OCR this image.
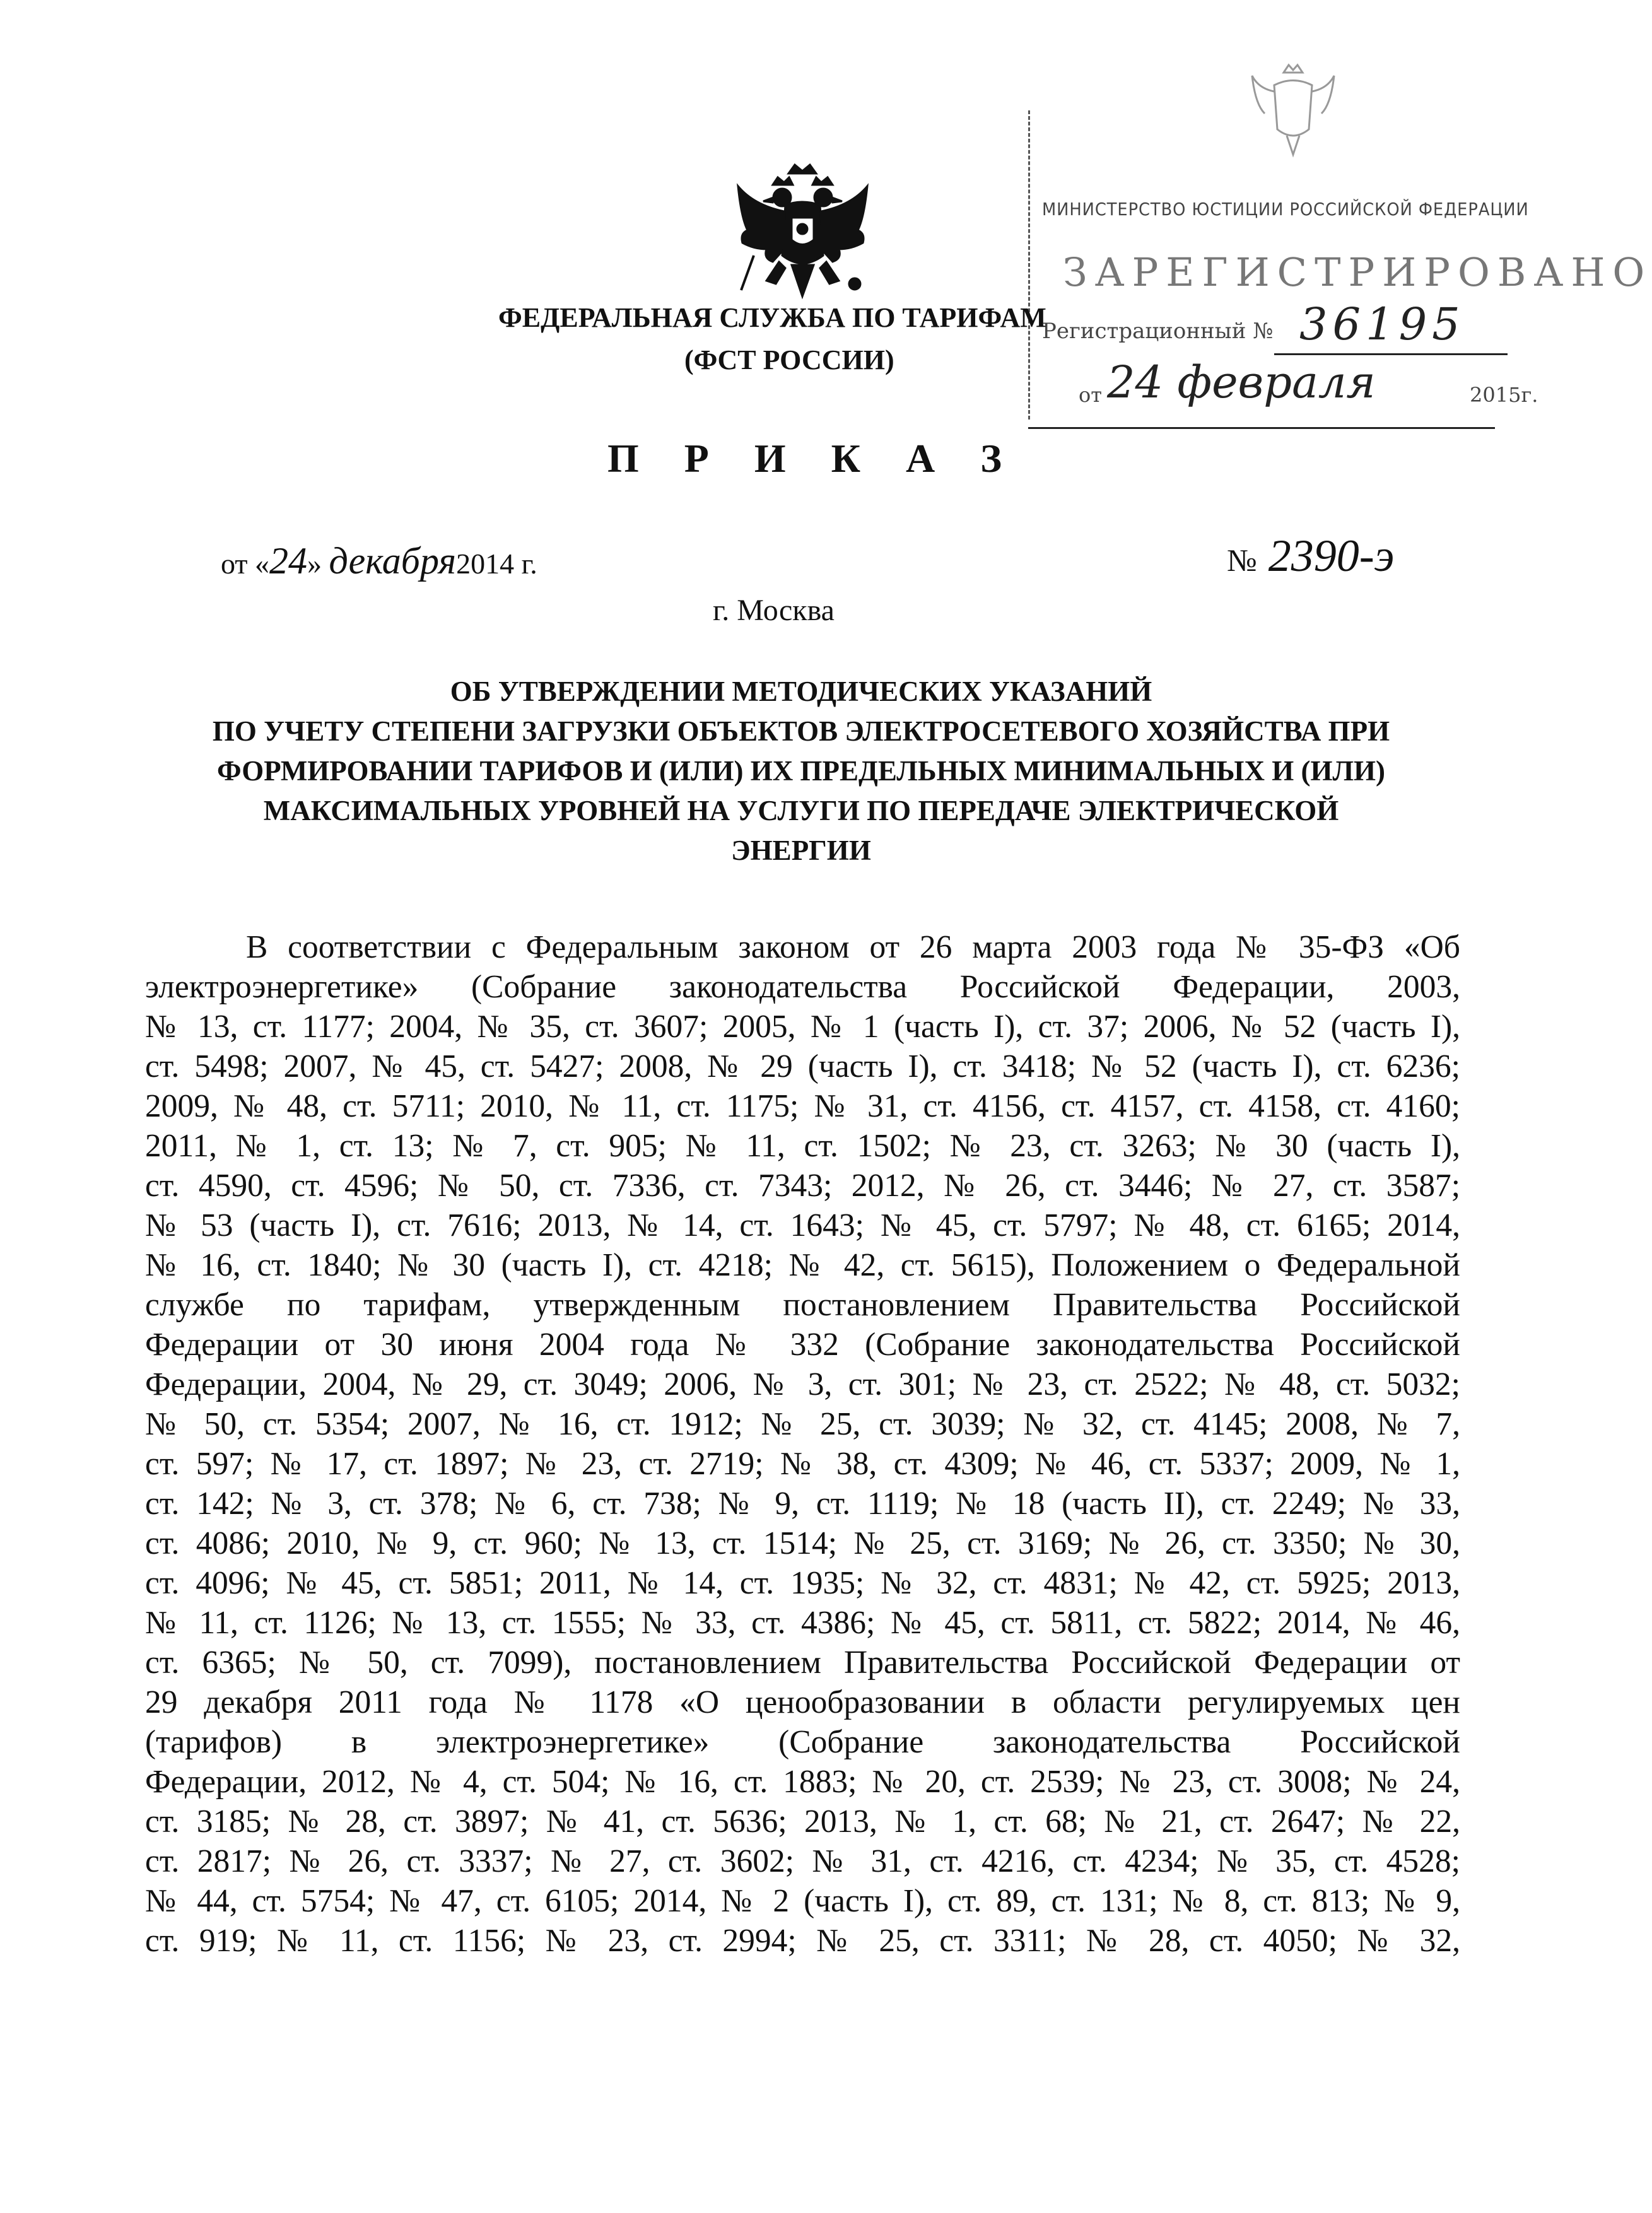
МИНИСТЕРСТВО ЮСТИЦИИ РОССИЙСКОЙ ФЕДЕРАЦИИ
ЗАРЕГИСТРИРОВАНО
Регистрационный № 36195
от 24 февраля	2015г.
ФЕДЕРАЛЬНАЯ СЛУЖБА ПО ТАРИФАМ
(ФСТ РОССИИ)
П Р И К А З
от «24» декабря2014 г.	№ 2390-э
г. Москва
ОБ УТВЕРЖДЕНИИ МЕТОДИЧЕСКИХ УКАЗАНИЙ
ПО УЧЕТУ СТЕПЕНИ ЗАГРУЗКИ ОБЪЕКТОВ ЭЛЕКТРОСЕТЕВОГО ХОЗЯЙСТВА ПРИ
ФОРМИРОВАНИИ ТАРИФОВ И (ИЛИ) ИХ ПРЕДЕЛЬНЫХ МИНИМАЛЬНЫХ И (ИЛИ)
МАКСИМАЛЬНЫХ УРОВНЕЙ НА УСЛУГИ ПО ПЕРЕДАЧЕ ЭЛЕКТРИЧЕСКОЙ
ЭНЕРГИИ
В соответствии с Федеральным законом от 26 марта 2003 года № 35-ФЗ «Об
электроэнергетике» (Собрание законодательства Российской Федерации, 2003,
№ 13, ст. 1177; 2004, № 35, ст. 3607; 2005, № 1 (часть I), ст. 37; 2006, № 52 (часть I),
ст. 5498; 2007, № 45, ст. 5427; 2008, № 29 (часть I), ст. 3418; № 52 (часть I), ст. 6236;
2009, № 48, ст. 5711; 2010, № 11, ст. 1175; № 31, ст. 4156, ст. 4157, ст. 4158, ст. 4160;
2011, № 1, ст. 13; № 7, ст. 905; № 11, ст. 1502; № 23, ст. 3263; № 30 (часть I),
ст. 4590, ст. 4596; № 50, ст. 7336, ст. 7343; 2012, № 26, ст. 3446; № 27, ст. 3587;
№ 53 (часть I), ст. 7616; 2013, № 14, ст. 1643; № 45, ст. 5797; № 48, ст. 6165; 2014,
№ 16, ст. 1840; № 30 (часть I), ст. 4218; № 42, ст. 5615), Положением о Федеральной
службе по тарифам, утвержденным постановлением Правительства Российской
Федерации от 30 июня 2004 года № 332 (Собрание законодательства Российской
Федерации, 2004, № 29, ст. 3049; 2006, № 3, ст. 301; № 23, ст. 2522; № 48, ст. 5032;
№ 50, ст. 5354; 2007, № 16, ст. 1912; № 25, ст. 3039; № 32, ст. 4145; 2008, № 7,
ст. 597; № 17, ст. 1897; № 23, ст. 2719; № 38, ст. 4309; № 46, ст. 5337; 2009, № 1,
ст. 142; № 3, ст. 378; № 6, ст. 738; № 9, ст. 1119; № 18 (часть II), ст. 2249; № 33,
ст. 4086; 2010, № 9, ст. 960; № 13, ст. 1514; № 25, ст. 3169; № 26, ст. 3350; № 30,
ст. 4096; № 45, ст. 5851; 2011, № 14, ст. 1935; № 32, ст. 4831; № 42, ст. 5925; 2013,
№ 11, ст. 1126; № 13, ст. 1555; № 33, ст. 4386; № 45, ст. 5811, ст. 5822; 2014, № 46,
ст. 6365; № 50, ст. 7099), постановлением Правительства Российской Федерации от
29 декабря 2011 года № 1178 «О ценообразовании в области регулируемых цен
(тарифов) в электроэнергетике» (Собрание законодательства Российской
Федерации, 2012, № 4, ст. 504; № 16, ст. 1883; № 20, ст. 2539; № 23, ст. 3008; № 24,
ст. 3185; № 28, ст. 3897; № 41, ст. 5636; 2013, № 1, ст. 68; № 21, ст. 2647; № 22,
ст. 2817; № 26, ст. 3337; № 27, ст. 3602; № 31, ст. 4216, ст. 4234; № 35, ст. 4528;
№ 44, ст. 5754; № 47, ст. 6105; 2014, № 2 (часть I), ст. 89, ст. 131; № 8, ст. 813; № 9,
ст. 919; № 11, ст. 1156; № 23, ст. 2994; № 25, ст. 3311; № 28, ст. 4050; № 32,
